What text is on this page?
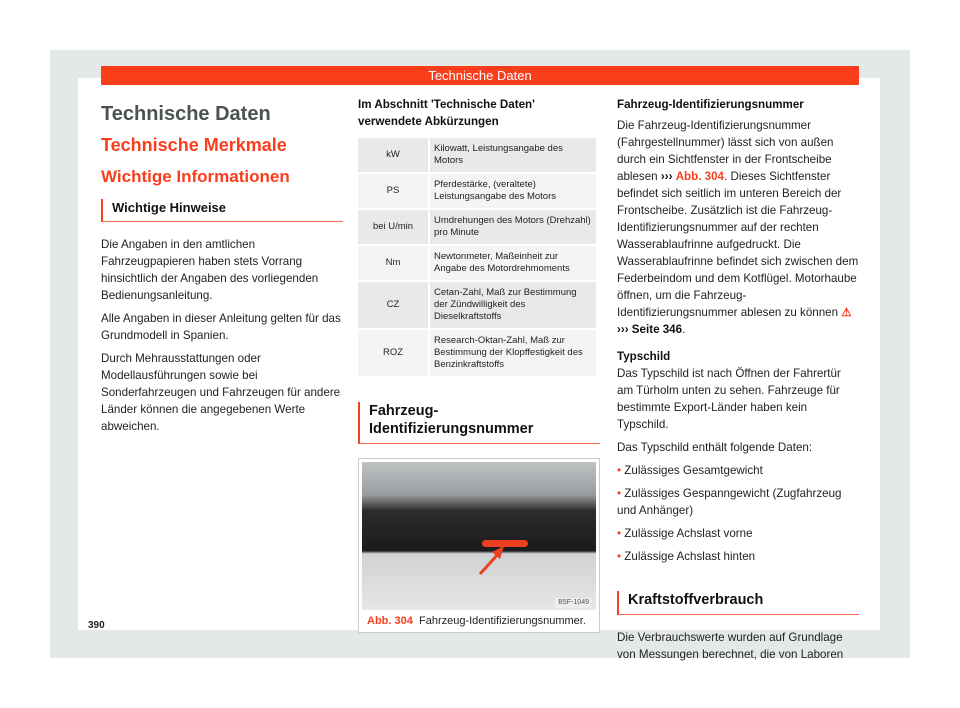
Technische Daten
Technische Daten
Technische Merkmale
Wichtige Informationen
Wichtige Hinweise

Die Angaben in den amtlichen Fahrzeugpapieren haben stets Vorrang hinsichtlich der Angaben des vorliegenden Bedienungsanleitung.

Alle Angaben in dieser Anleitung gelten für das Grundmodell in Spanien.

Durch Mehrausstattungen oder Modellausführungen sowie bei Sonderfahrzeugen und Fahrzeugen für andere Länder können die angegebenen Werte abweichen.

Im Abschnitt 'Technische Daten' verwendete Abkürzungen
kW	Kilowatt, Leistungsangabe des Motors
PS	Pferdestärke, (veraltete) Leistungsangabe des Motors
bei U/min	Umdrehungen des Motors (Drehzahl) pro Minute
Nm	Newtonmeter, Maßeinheit zur Angabe des Motordrehmoments
CZ	Cetan-Zahl, Maß zur Bestimmung der Zündwilligkeit des Dieselkraftstoffs
ROZ	Research-Oktan-Zahl, Maß zur Bestimmung der Klopffestigkeit des Benzinkraftstoffs
Fahrzeug-Identifizierungsnummer
B5F-1049
Abb. 304 Fahrzeug-Identifizierungsnummer.
Fahrzeug-Identifizierungsnummer

Die Fahrzeug-Identifizierungsnummer (Fahrgestellnummer) lässt sich von außen durch ein Sichtfenster in der Frontscheibe ablesen ››› Abb. 304. Dieses Sichtfenster befindet sich seitlich im unteren Bereich der Frontscheibe. Zusätzlich ist die Fahrzeug-Identifizierungsnummer auf der rechten Wasserablaufrinne aufgedruckt. Die Wasserablaufrinne befindet sich zwischen dem Federbeindom und dem Kotflügel. Motorhaube öffnen, um die Fahrzeug-Identifizierungsnummer ablesen zu können ⚠ ››› Seite 346.

Typschild

Das Typschild ist nach Öffnen der Fahrertür am Türholm unten zu sehen. Fahrzeuge für bestimmte Export-Länder haben kein Typschild.

Das Typschild enthält folgende Daten:

• Zulässiges Gesamtgewicht

• Zulässiges Gespanngewicht (Zugfahrzeug und Anhänger)

• Zulässige Achslast vorne

• Zulässige Achslast hinten

Kraftstoffverbrauch

Die Verbrauchswerte wurden auf Grundlage von Messungen berechnet, die von Laboren

390
